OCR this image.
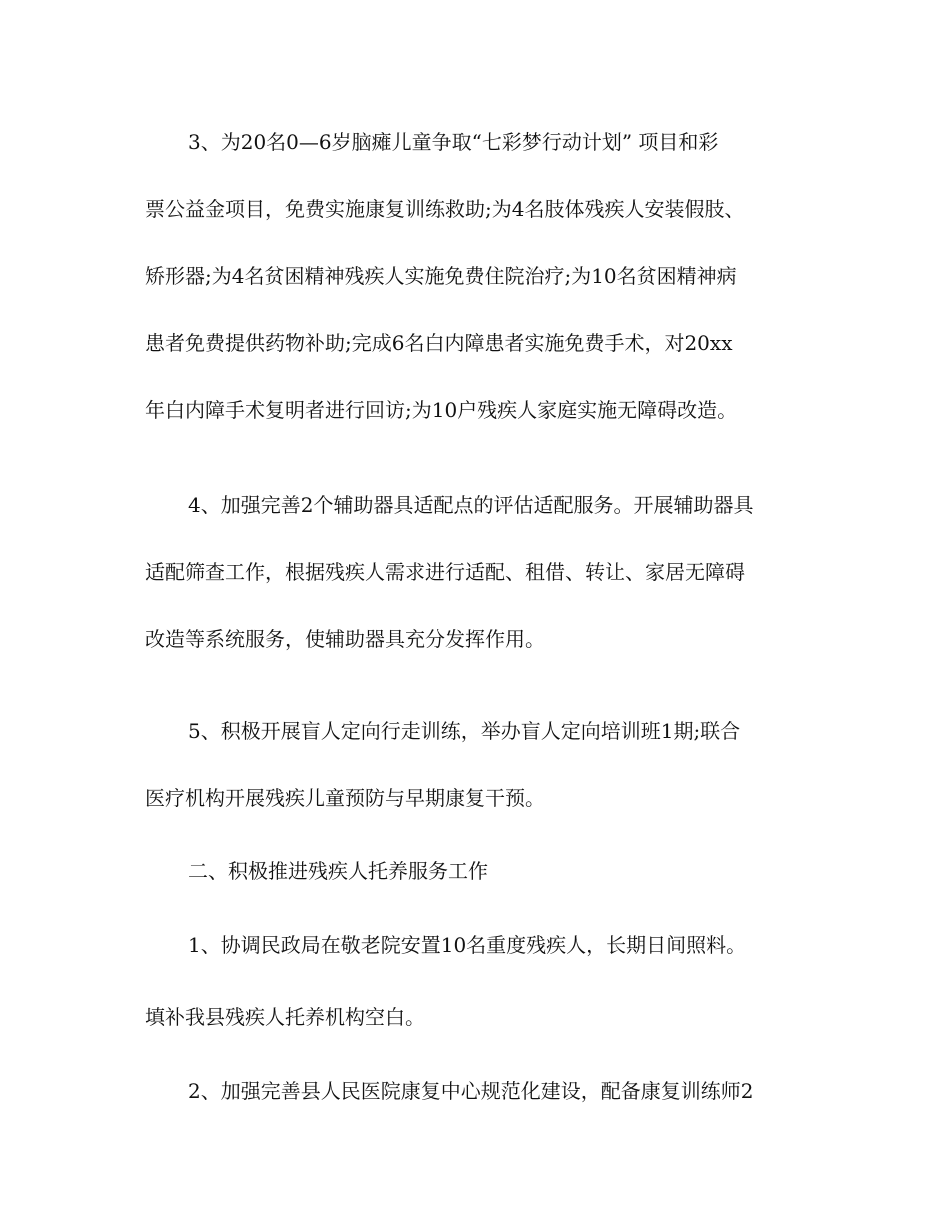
3、为20名0—6岁脑瘫儿童争取“七彩梦行动计划” 项目和彩
票公益金项目，免费实施康复训练救助;为4名肢体残疾人安装假肢、
矫形器;为4名贫困精神残疾人实施免费住院治疗;为10名贫困精神病
患者免费提供药物补助;完成6名白内障患者实施免费手术，对20xx
年白内障手术复明者进行回访;为10户残疾人家庭实施无障碍改造。
4、加强完善2个辅助器具适配点的评估适配服务。开展辅助器具
适配筛查工作，根据残疾人需求进行适配、租借、转让、家居无障碍
改造等系统服务，使辅助器具充分发挥作用。
5、积极开展盲人定向行走训练，举办盲人定向培训班1期;联合
医疗机构开展残疾儿童预防与早期康复干预。
二、积极推进残疾人托养服务工作
1、协调民政局在敬老院安置10名重度残疾人，长期日间照料。
填补我县残疾人托养机构空白。
2、加强完善县人民医院康复中心规范化建设，配备康复训练师2
